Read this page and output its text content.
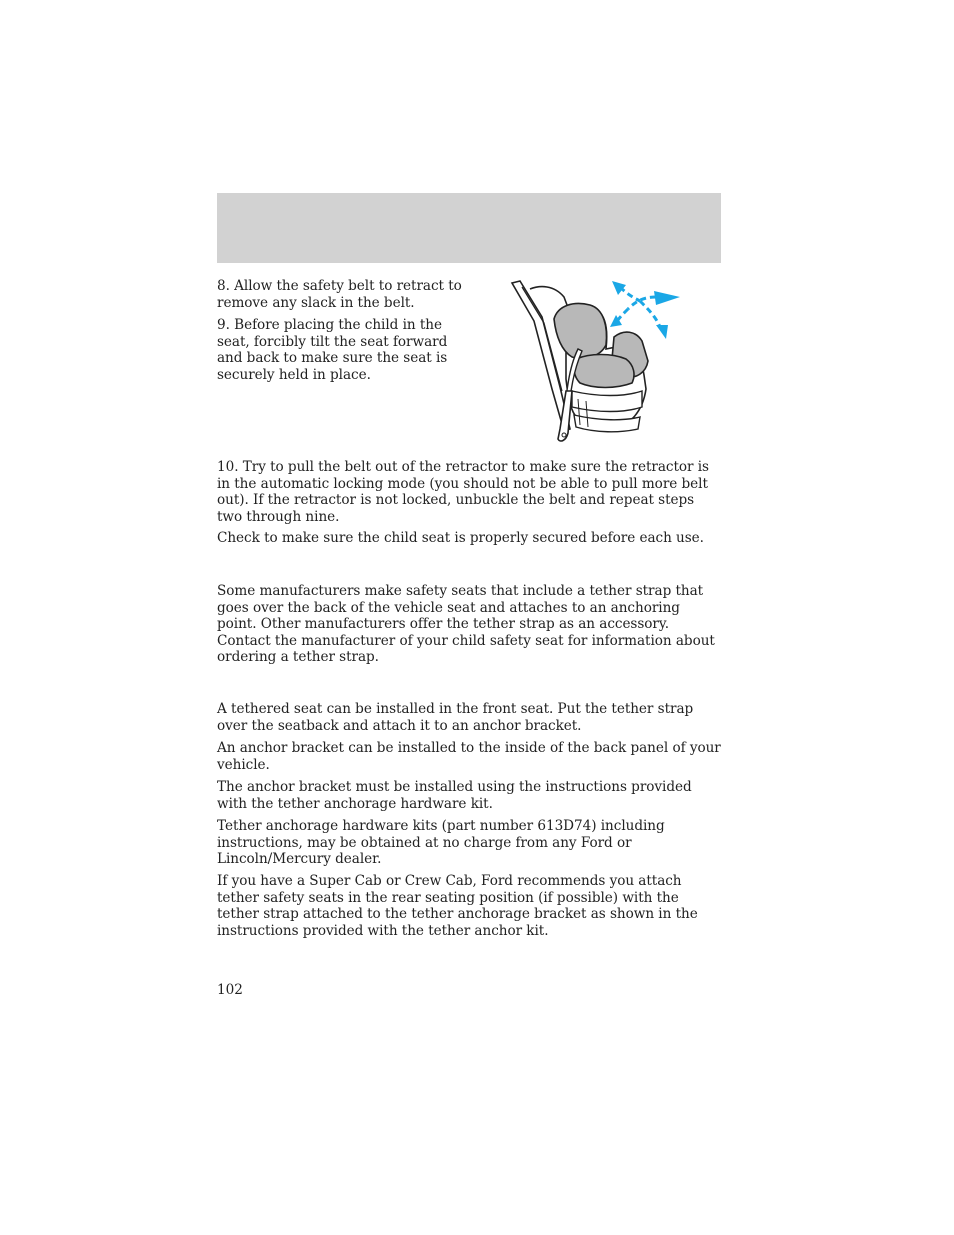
8. Allow the safety belt to retract to remove any slack in the belt.

9. Before placing the child in the seat, forcibly tilt the seat forward and back to make sure the seat is securely held in place.

10. Try to pull the belt out of the retractor to make sure the retractor is in the automatic locking mode (you should not be able to pull more belt out). If the retractor is not locked, unbuckle the belt and repeat steps two through nine.

Check to make sure the child seat is properly secured before each use.

Some manufacturers make safety seats that include a tether strap that goes over the back of the vehicle seat and attaches to an anchoring point. Other manufacturers offer the tether strap as an accessory. Contact the manufacturer of your child safety seat for information about ordering a tether strap.

A tethered seat can be installed in the front seat. Put the tether strap over the seatback and attach it to an anchor bracket.

An anchor bracket can be installed to the inside of the back panel of your vehicle.

The anchor bracket must be installed using the instructions provided with the tether anchorage hardware kit.

Tether anchorage hardware kits (part number 613D74) including instructions, may be obtained at no charge from any Ford or Lincoln/Mercury dealer.

If you have a Super Cab or Crew Cab, Ford recommends you attach tether safety seats in the rear seating position (if possible) with the tether strap attached to the tether anchorage bracket as shown in the instructions provided with the tether anchor kit.

102
